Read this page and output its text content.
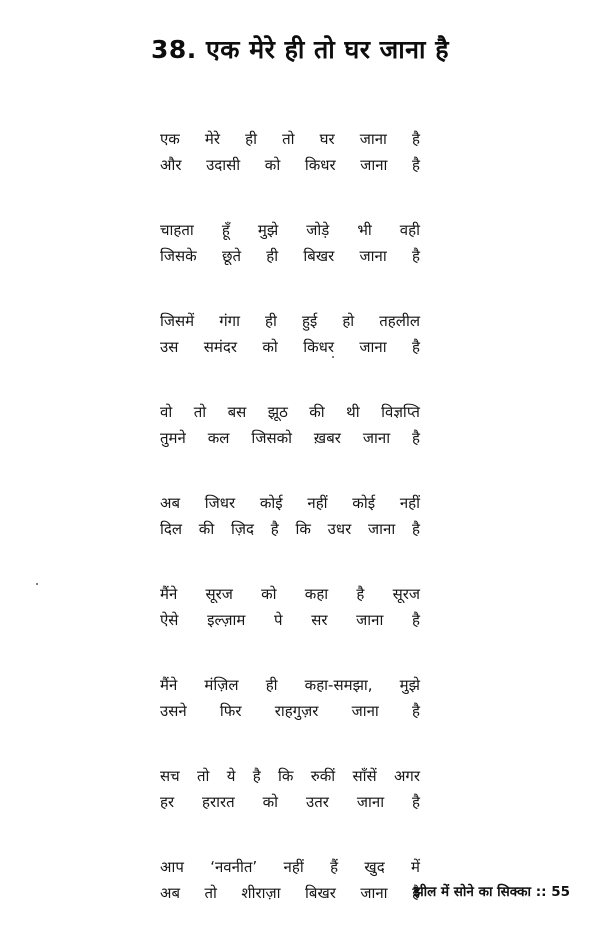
38. एक मेरे ही तो घर जाना है
एक मेरे ही तो घर जाना है
और उदासी को किधर जाना है
चाहता हूँ मुझे जोड़े भी वही
जिसके छूते ही बिखर जाना है
जिसमें गंगा ही हुई हो तहलील
उस समंदर को किधर जाना है
वो तो बस झूठ की थी विज्ञप्ति
तुमने कल जिसको ख़बर जाना है
अब जिधर कोई नहीं कोई नहीं
दिल की ज़िद है कि उधर जाना है
मैंने सूरज को कहा है सूरज
ऐसे इल्ज़ाम पे सर जाना है
मैंने मंज़िल ही कहा-समझा, मुझे
उसने फिर राहगुज़र जाना है
सच तो ये है कि रुकीं साँसें अगर
हर हरारत को उतर जाना है
आप ‘नवनीत’ नहीं हैं खुद में
अब तो शीराज़ा बिखर जाना है
झील में सोने का सिक्का :: 55
